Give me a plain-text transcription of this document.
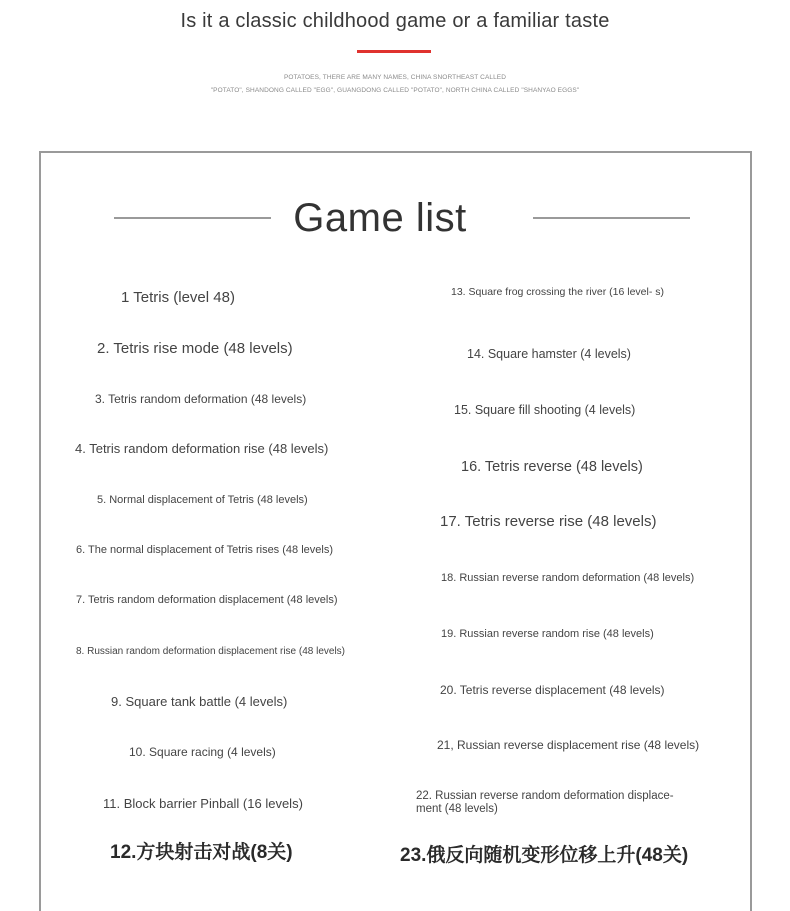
Is it a classic childhood game or a familiar taste
POTATOES, THERE ARE MANY NAMES, CHINA SNORTHEAST CALLED
"POTATO", SHANDONG CALLED "EGG", GUANGDONG CALLED "POTATO", NORTH CHINA CALLED "SHANYAO EGGS"
Game list
1 Tetris (level 48)
2. Tetris rise mode (48 levels)
3. Tetris random deformation (48 levels)
4. Tetris random deformation rise (48 levels)
5. Normal displacement of Tetris (48 levels)
6. The normal displacement of Tetris rises (48 levels)
7. Tetris random deformation displacement (48 levels)
8. Russian random deformation displacement rise (48 levels)
9. Square tank battle (4 levels)
10. Square racing (4 levels)
11. Block barrier Pinball (16 levels)
12.方块射击对战(8关)
13. Square frog crossing the river (16 level- s)
14. Square hamster (4 levels)
15. Square fill shooting (4 levels)
16. Tetris reverse (48 levels)
17. Tetris reverse rise (48 levels)
18. Russian reverse random deformation (48 levels)
19. Russian reverse random rise (48 levels)
20. Tetris reverse displacement (48 levels)
21, Russian reverse displacement rise (48 levels)
22. Russian reverse random deformation displace- ment (48 levels)
23.俄反向随机变形位移上升(48关)
